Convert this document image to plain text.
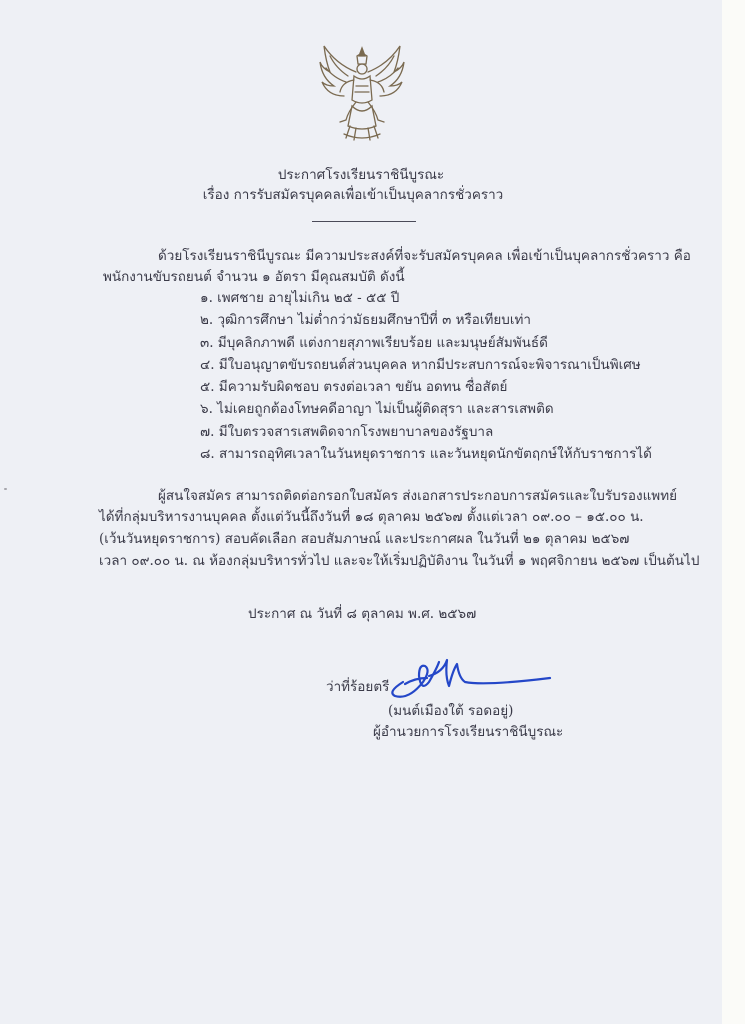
ประกาศโรงเรียนราชินีบูรณะ
เรื่อง การรับสมัครบุคคลเพื่อเข้าเป็นบุคลากรชั่วคราว
ด้วยโรงเรียนราชินีบูรณะ มีความประสงค์ที่จะรับสมัครบุคคล เพื่อเข้าเป็นบุคลากรชั่วคราว คือ
พนักงานขับรถยนต์ จำนวน ๑ อัตรา มีคุณสมบัติ ดังนี้
๑. เพศชาย อายุไม่เกิน ๒๕ - ๕๕ ปี
๒. วุฒิการศึกษา ไม่ต่ำกว่ามัธยมศึกษาปีที่ ๓ หรือเทียบเท่า
๓. มีบุคลิกภาพดี แต่งกายสุภาพเรียบร้อย และมนุษย์สัมพันธ์ดี
๔. มีใบอนุญาตขับรถยนต์ส่วนบุคคล หากมีประสบการณ์จะพิจารณาเป็นพิเศษ
๕. มีความรับผิดชอบ ตรงต่อเวลา ขยัน อดทน ซื่อสัตย์
๖. ไม่เคยถูกต้องโทษคดีอาญา ไม่เป็นผู้ติดสุรา และสารเสพติด
๗. มีใบตรวจสารเสพติดจากโรงพยาบาลของรัฐบาล
๘. สามารถอุทิศเวลาในวันหยุดราชการ และวันหยุดนักขัตฤกษ์ให้กับราชการได้
ผู้สนใจสมัคร สามารถติดต่อกรอกใบสมัคร ส่งเอกสารประกอบการสมัครและใบรับรองแพทย์
ได้ที่กลุ่มบริหารงานบุคคล ตั้งแต่วันนี้ถึงวันที่ ๑๘ ตุลาคม ๒๕๖๗ ตั้งแต่เวลา ๐๙.๐๐ – ๑๕.๐๐ น.
(เว้นวันหยุดราชการ) สอบคัดเลือก สอบสัมภาษณ์ และประกาศผล ในวันที่ ๒๑ ตุลาคม ๒๕๖๗
เวลา ๐๙.๐๐ น. ณ ห้องกลุ่มบริหารทั่วไป และจะให้เริ่มปฏิบัติงาน ในวันที่ ๑ พฤศจิกายน ๒๕๖๗ เป็นต้นไป
ประกาศ ณ วันที่ ๘ ตุลาคม พ.ศ. ๒๕๖๗
ว่าที่ร้อยตรี
(มนต์เมืองใต้ รอดอยู่)
ผู้อำนวยการโรงเรียนราชินีบูรณะ
